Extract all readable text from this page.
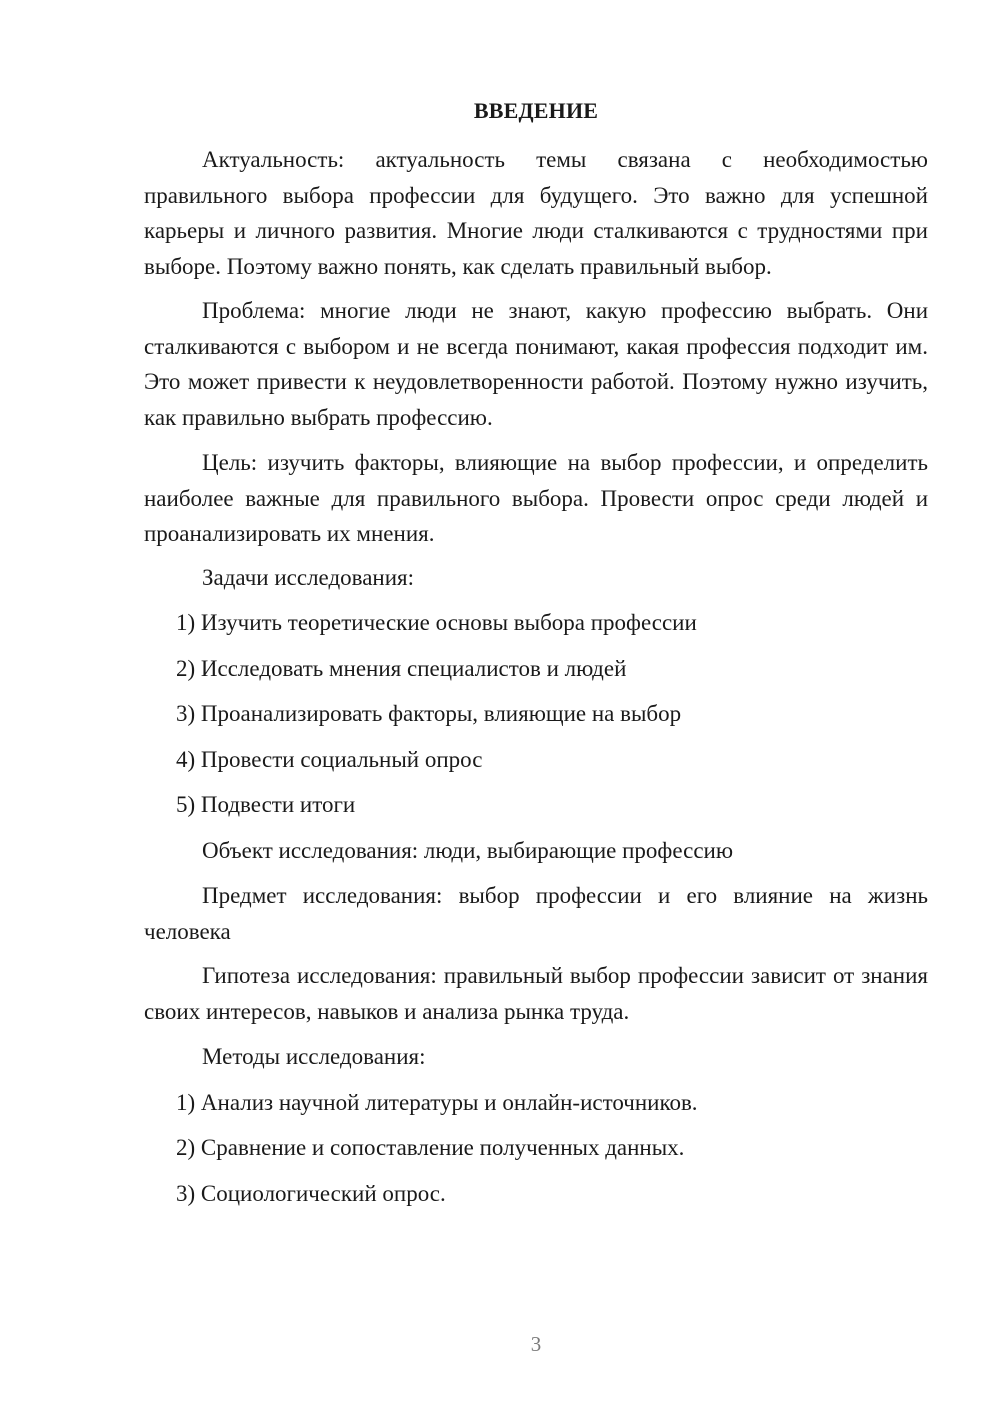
ВВЕДЕНИЕ

Актуальность: актуальность темы связана с необходимостью правильного выбора профессии для будущего. Это важно для успешной карьеры и личного развития. Многие люди сталкиваются с трудностями при выборе. Поэтому важно понять, как сделать правильный выбор.

Проблема: многие люди не знают, какую профессию выбрать. Они сталкиваются с выбором и не всегда понимают, какая профессия подходит им. Это может привести к неудовлетворенности работой. Поэтому нужно изучить, как правильно выбрать профессию.

Цель: изучить факторы, влияющие на выбор профессии, и определить наиболее важные для правильного выбора. Провести опрос среди людей и проанализировать их мнения.

Задачи исследования:

1) Изучить теоретические основы выбора профессии

2) Исследовать мнения специалистов и людей

3) Проанализировать факторы, влияющие на выбор

4) Провести социальный опрос

5) Подвести итоги

Объект исследования: люди, выбирающие профессию

Предмет исследования: выбор профессии и его влияние на жизнь человека

Гипотеза исследования: правильный выбор профессии зависит от знания своих интересов, навыков и анализа рынка труда.

Методы исследования:

1) Анализ научной литературы и онлайн-источников.

2) Сравнение и сопоставление полученных данных.

3) Социологический опрос.

3
